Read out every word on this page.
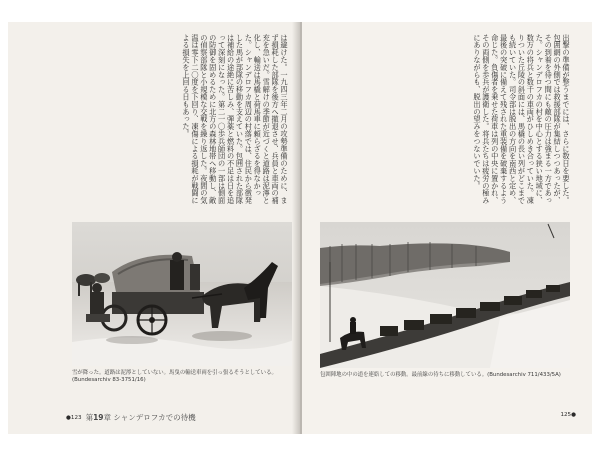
は避けた。一九四三年二月の攻勢準備のために、まず損耗した部隊を後方へ撤退させ、兵員と車両の補充を急いだ。雪解けの季節が近づくと道路は泥濘と化し、輸送は馬橇と荷馬車に頼らざるを得なかった。シャンデロフカ周辺の村落では、住民から徴発した馬が部隊の移動を支えていた。包囲された部隊は補給の途絶に苦しみ、弾薬と燃料の不足は日を追って深刻になった。第二一〇歩兵師団の一部は側面の防御を固めるために北方の森林地帯へ移動し、敵の偵察部隊と小規模な交戦を繰り返した。夜間の気温は零下二〇度を下回り、凍傷による損耗が戦闘による損失を上回る日もあった。
雪が降った。道路は泥濘としていない。馬曳の輸送車両を引っ張るそうとしている。(Bundesarchiv 83-3751/16)
●123 第19章 シャンデロフカでの待機
出撃の準備が整うまでには、さらに数日を要した。包囲網の外側では救援部隊が集結しつつあったが、その到着を待つ間にも敵の圧力は強まる一方であった。シャンデロフカの村を中心とする狭い地域に、数万の将兵と数千の車両がひしめき合っていた。凍りついた丘陵の斜面には、馬橇の長い列がどこまでも続いていた。司令部は脱出の方向を南西と定め、最後の突破に備えて残された重装備を破棄するよう命じた。負傷者を乗せた荷車は列の中央に置かれ、その両側を歩兵が護衛した。将兵たちは疲労の極みにありながらも、脱出の望みをつないでいた。
包囲陣地の中の道を連絡しての移動。最前線の待ちに移動している。(Bundesarchiv 711/433/5A)
125●
